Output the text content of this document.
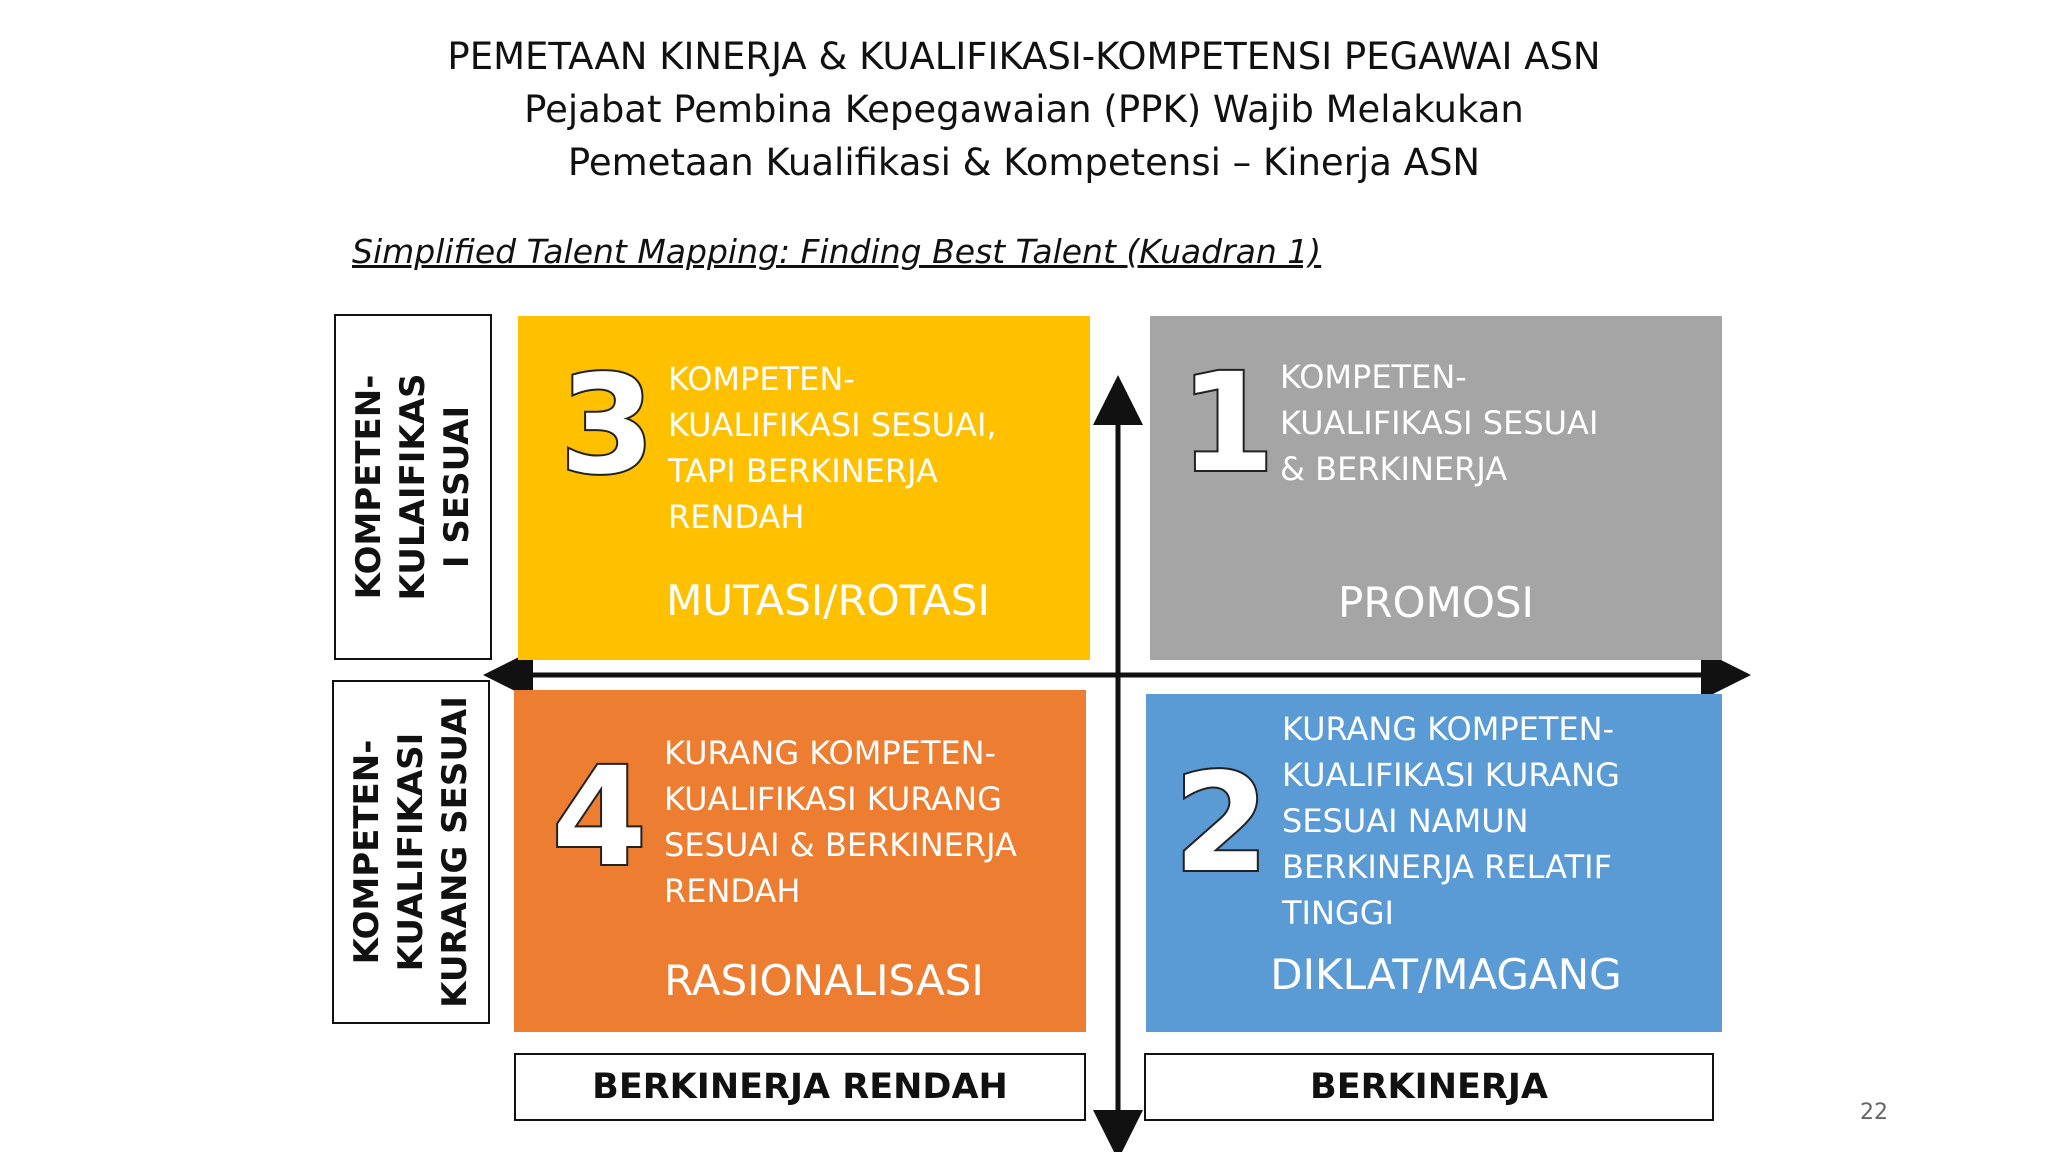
PEMETAAN KINERJA & KUALIFIKASI-KOMPETENSI PEGAWAI ASN
Pejabat Pembina Kepegawaian (PPK) Wajib Melakukan
Pemetaan Kualifikasi & Kompetensi – Kinerja ASN
Simplified Talent Mapping: Finding Best Talent (Kuadran 1)
KOMPETEN- KULAIFIKAS I SESUAI
KOMPETEN- KUALIFIKASI KURANG SESUAI
3 KOMPETEN-
KUALIFIKASI SESUAI,
TAPI BERKINERJA
RENDAH
MUTASI/ROTASI
1 KOMPETEN-
KUALIFIKASI SESUAI
& BERKINERJA
PROMOSI
4 KURANG KOMPETEN-
KUALIFIKASI KURANG
SESUAI & BERKINERJA
RENDAH
RASIONALISASI
2
KURANG KOMPETEN-
KUALIFIKASI KURANG
SESUAI NAMUN
BERKINERJA RELATIF
TINGGI
DIKLAT/MAGANG
BERKINERJA RENDAH	BERKINERJA
22
